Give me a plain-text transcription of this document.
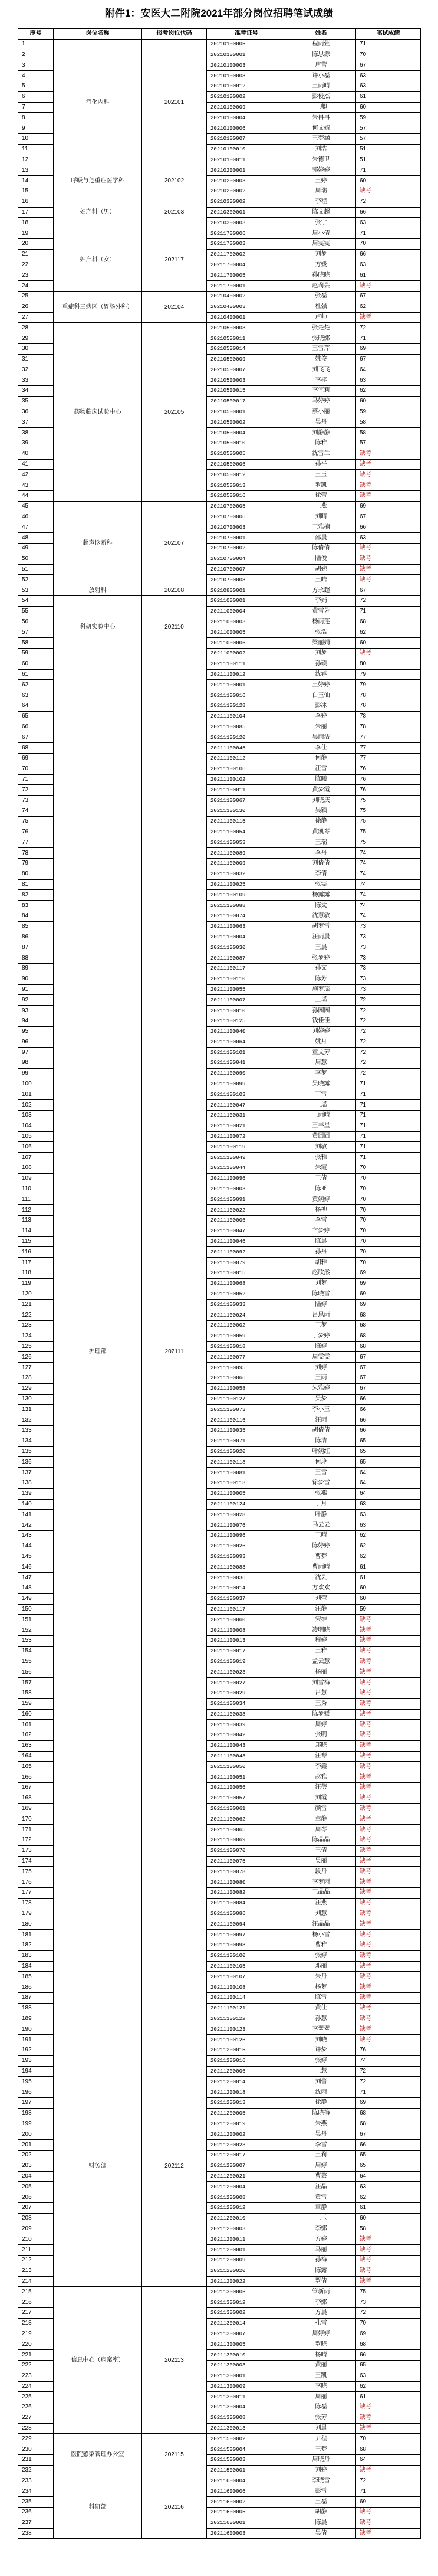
附件1：安医大二附院2021年部分岗位招聘笔试成绩
序号	岗位名称	报考岗位代码	准考证号	姓名	笔试成绩
1	消化内科	202101	20210100005	程雨萱	71
2			20210100001	陈思源	70
3			20210100003	唐蕾	67
4			20210100008	许小磊	63
5			20210100012	王雨晴	63
6			20210100002	彭俊杰	61
7			20210100009	王卿	60
8			20210100004	朱冉冉	59
9			20210100006	何文婧	57
10			20210100007	王梦涵	57
11			20210100010	刘浩	51
12			20210100011	朱德卫	51
13	呼吸与危重症医学科	202102	20210200001	郭婷婷	71
14			20210200003	王婷	60
15			20210200002	周瑞	缺考
16	妇产科（男）	202103	20210300002	李程	72
17			20210300001	陈文超	66
18			20210300003	张宇	63
19	妇产科（女）	202117	20211700006	周小倩	71
20			20211700003	周雯雯	70
21			20211700002	刘梦	66
22			20211700004	方媛	63
23			20211700005	孙晓晓	61
24			20211700001	赵莉芸	缺考
25	重症科三病区（胃肠外科）	202104	20210400002	张磊	67
26			20210400003	杜强	62
27			20210400001	卢帅	缺考
28	药物临床试验中心	202105	20210500008	张楚楚	72
29			20210500011	张晓娜	71
30			20210500014	王雪芹	69
31			20210500009	姚俊	67
32			20210500007	刘飞飞	64
33			20210500003	李梓	63
34			20210500015	李宜莉	62
35			20210500017	马婷婷	60
36			20210500001	蔡小丽	59
37			20210500002	吴丹	58
38			20210500004	刘静静	58
39			20210500010	陈雅	57
40			20210500005	沈雪兰	缺考
41			20210500006	孙平	缺考
42			20210500012	王玉	缺考
43			20210500013	罗凯	缺考
44			20210500016	徐蕾	缺考
45	超声诊断科	202107	20210700005	王燕	69
46			20210700006	刘晴	67
47			20210700003	王雅楠	66
48			20210700001	邵晨	63
49			20210700002	陈倩倩	缺考
50			20210700004	陆俊	缺考
51			20210700007	胡婉	缺考
52			20210700008	王皓	缺考
53	放射科	202108	20210800001	方永超	67
54	科研实验中心	202110	20211000001	李娟	72
55			20211000004	黄雪芳	71
56			20211000003	杨雨莲	68
57			20211000005	张浩	62
58			20211000006	梁丽娟	60
59			20211000002	刘梦	缺考
60	护理部	202111	20211100111	孙硕	80
61			20211100012	沈睿	79
62			20211100001	王婷婷	79
63			20211100016	白玉仙	78
64			20211100128	彭冰	78
65			20211100104	李婷	78
66			20211100085	朱丽	78
67			20211100120	吴雨洁	77
68			20211100045	李佳	77
69			20211100112	何静	77
70			20211100106	汪雪	76
71			20211100102	陈曦	76
72			20211100011	黄梦霞	76
73			20211100067	刘晓庆	75
74			20211100130	吴颖	75
75			20211100115	徐静	75
76			20211100054	黄凯琴	75
77			20211100053	王瑞	75
78			20211100089	李丹	74
79			20211100009	刘倩倩	74
80			20211100032	李倩	74
81			20211100025	张雯	74
82			20211100109	杨露露	74
83			20211100088	陈文	74
84			20211100074	沈慧敏	74
85			20211100063	胡梦雪	73
86			20211100004	汪雨晨	73
87			20211100030	王晨	73
88			20211100087	张梦婷	73
89			20211100117	孙文	73
90			20211100110	陈芳	73
91			20211100055	施梦瑶	73
92			20211100007	王瑶	72
93			20211100010	孙园园	72
94			20211100125	钱佳佳	72
95			20211100040	刘婷婷	72
96			20211100064	姚月	72
97			20211100101	童文芳	72
98			20211100041	周慧	72
99			20211100090	李梦	72
100			20211100099	吴晓露	71
101			20211100103	丁雪	71
102			20211100047	王瑶	71
103			20211100031	王雨晴	71
104			20211100021	王丰星	71
105			20211100072	黄圆圆	71
106			20211100119	刘敏	71
107			20211100049	张雅	71
108			20211100044	朱霞	70
109			20211100096	王倩	70
110			20211100003	陈亚	70
111			20211100091	黄婉婷	70
112			20211100022	杨柳	70
113			20211100006	李雪	70
114			20211100047	卞梦婷	70
115			20211100046	陈晨	70
116			20211100092	孙丹	70
117			20211100079	胡雅	70
118			20211100015	赵欣然	69
119			20211100068	刘梦	69
120			20211100052	陈晓雪	69
121			20211100033	陆婷	69
122			20211100024	吕思雨	68
123			20211100002	王梦	68
124			20211100059	丁梦婷	68
125			20211100018	陈婷	68
126			20211100077	周雯雯	67
127			20211100095	刘婷	67
128			20211100066	王雨	67
129			20211100058	朱雅婷	67
130			20211100127	吴梦	66
131			20211100073	李小玉	66
132			20211100116	汪雨	66
133			20211100035	胡倩倩	66
134			20211100071	陈洁	65
135			20211100020	叶婉红	65
136			20211100118	何玲	65
137			20211100081	王雪	64
138			20211100113	徐梦雪	64
139			20211100005	张燕	64
140			20211100124	丁月	63
141			20211100028	叶静	63
142			20211100076	马云云	63
143			20211100096	王晴	62
144			20211100026	陈婷婷	62
145			20211100093	曹梦	62
146			20211100083	曹雨晴	61
147			20211100036	沈芸	61
148			20211100014	方欢欢	60
149			20211100037	刘莹	60
150			20211100117	汪静	59
151			20211100060	宋维	缺考
152			20211100008	凌明晓	缺考
153			20211100013	程婷	缺考
154			20211100017	王雅	缺考
155			20211100019	孟云慧	缺考
156			20211100023	杨丽	缺考
157			20211100027	刘雪梅	缺考
158			20211100029	吕慧	缺考
159			20211100034	王秀	缺考
160			20211100038	陈梦媛	缺考
161			20211100039	周婷	缺考
162			20211100042	张明	缺考
163			20211100043	郑晓	缺考
164			20211100048	汪琴	缺考
165			20211100050	李鑫	缺考
166			20211100051	赵雅	缺考
167			20211100056	汪蓓	缺考
168			20211100057	刘霞	缺考
169			20211100061	颜雪	缺考
170			20211100062	章静	缺考
171			20211100065	周琴	缺考
172			20211100069	陈晶晶	缺考
173			20211100070	王倩	缺考
174			20211100075	吴丽	缺考
175			20211100078	段丹	缺考
176			20211100080	李梦雨	缺考
177			20211100082	王晶晶	缺考
178			20211100084	汪燕	缺考
179			20211100086	刘慧	缺考
180			20211100094	汪晶晶	缺考
181			20211100097	杨小雪	缺考
182			20211100098	曹雅	缺考
183			20211100100	张婷	缺考
184			20211100105	邓丽	缺考
185			20211100107	朱丹	缺考
186			20211100108	杨梦	缺考
187			20211100114	陈雪	缺考
188			20211100121	黄佳	缺考
189			20211100122	孙慧	缺考
190			20211100123	李翠翠	缺考
191			20211100126	刘晓	缺考
192	财务部	202112	20211200015	许梦	76
193			20211200016	张婷	74
194			20211200006	王慧	72
195			20211200014	刘蕾	72
196			20211200018	沈雨	71
197			20211200013	徐静	69
198			20211200005	陈晓梅	68
199			20211200019	朱燕	68
200			20211200002	吴丹	67
201			20211200023	李雪	66
202			20211200017	王莉	65
203			20211200007	周婷	65
204			20211200021	曹芸	64
205			20211200004	汪晶	63
206			20211200008	黄雪	62
207			20211200012	章静	61
208			20211200010	王玉	60
209			20211200003	李娜	58
210			20211200011	方婷	缺考
211			20211200001	马丽	缺考
212			20211200009	孙梅	缺考
213			20211200020	陈露	缺考
214			20211200022	罗倩	缺考
215	信息中心（病案室）	202113	20211300006	管新雨	75
216			20211300012	李娜	73
217			20211300002	方晨	72
218			20211300014	孔雪	70
219			20211300007	周婷婷	69
220			20211300005	罗晓	68
221			20211300010	杨晴	66
222			20211300003	黄丽	65
223			20211300001	王凯	63
224			20211300009	李晓	62
225			20211300011	周丽	61
226			20211300004	陈磊	缺考
227			20211300008	张芳	缺考
228			20211300013	刘晨	缺考
229	医院感染管理办公室	202115	20211500002	尹程	70
230			20211500004	王梦	68
231			20211500003	周晓丹	64
232			20211500001	刘婷	缺考
233	科研部	202116	20211600004	李晓雪	72
234			20211600006	彭雪	71
235			20211600002	王磊	69
236			20211600005	胡静	缺考
237			20211600001	陈晨	缺考
238			20211600003	吴倩	缺考
